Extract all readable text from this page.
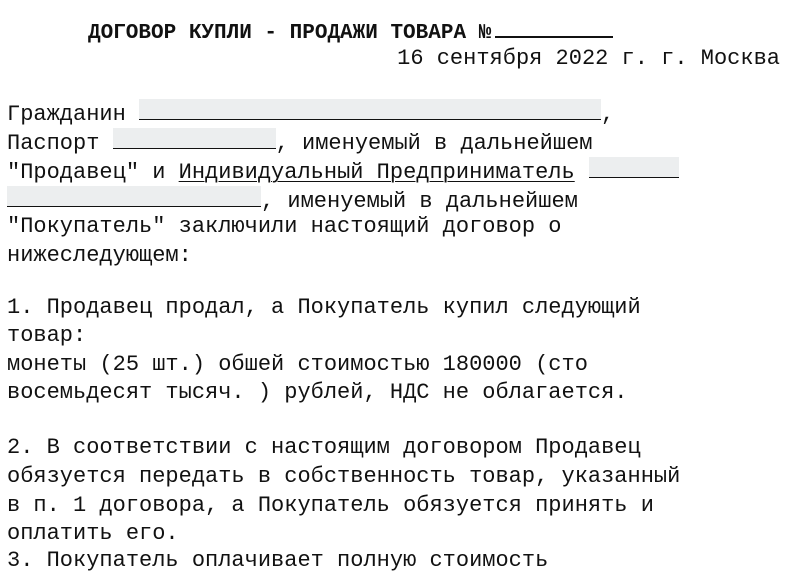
ДОГОВОР КУПЛИ - ПРОДАЖИ ТОВАРА №
16 сентября 2022 г. г. Москва
Гражданин	,
Паспорт	, именуемый в дальнейшем
"Продавец" и Индивидуальный Предприниматель
, именуемый в дальнейшем
"Покупатель" заключили настоящий договор о
нижеследующем:
1. Продавец продал, а Покупатель купил следующий
товар:
монеты (25 шт.) обшей стоимостью 180000 (сто
восемьдесят тысяч. ) рублей, НДС не облагается.
2. В соответствии с настоящим договором Продавец
обязуется передать в собственность товар, указанный
в п. 1 договора, а Покупатель обязуется принять и
оплатить его.
3. Покупатель оплачивает полную стоимость
